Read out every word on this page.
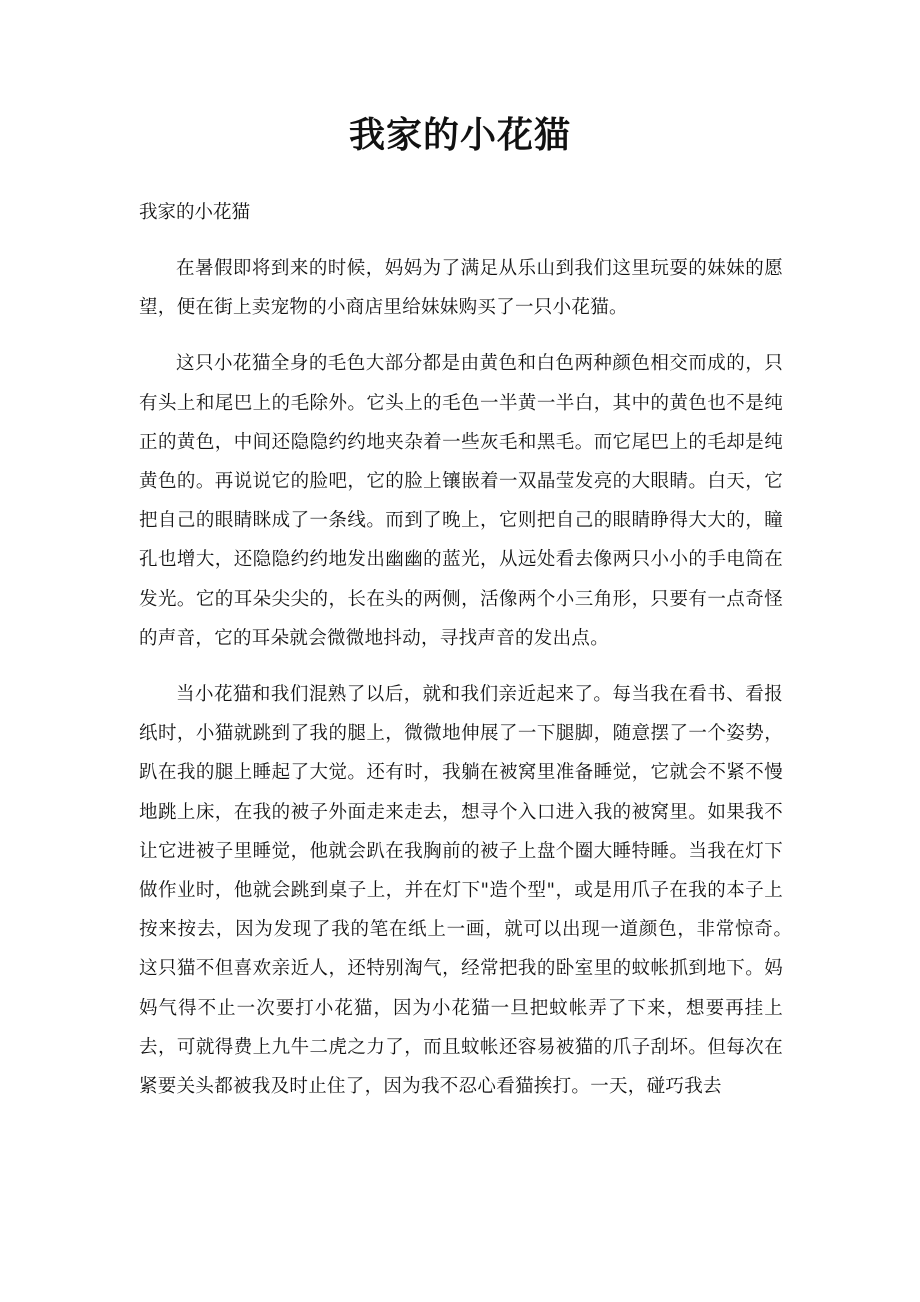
我家的小花猫

我家的小花猫

在暑假即将到来的时候，妈妈为了满足从乐山到我们这里玩耍的妹妹的愿望，便在街上卖宠物的小商店里给妹妹购买了一只小花猫。

这只小花猫全身的毛色大部分都是由黄色和白色两种颜色相交而成的，只有头上和尾巴上的毛除外。它头上的毛色一半黄一半白，其中的黄色也不是纯正的黄色，中间还隐隐约约地夹杂着一些灰毛和黑毛。而它尾巴上的毛却是纯黄色的。再说说它的脸吧，它的脸上镶嵌着一双晶莹发亮的大眼睛。白天，它把自己的眼睛眯成了一条线。而到了晚上，它则把自己的眼睛睁得大大的，瞳孔也增大，还隐隐约约地发出幽幽的蓝光，从远处看去像两只小小的手电筒在发光。它的耳朵尖尖的，长在头的两侧，活像两个小三角形，只要有一点奇怪的声音，它的耳朵就会微微地抖动，寻找声音的发出点。

当小花猫和我们混熟了以后，就和我们亲近起来了。每当我在看书、看报纸时，小猫就跳到了我的腿上，微微地伸展了一下腿脚，随意摆了一个姿势，趴在我的腿上睡起了大觉。还有时，我躺在被窝里准备睡觉，它就会不紧不慢地跳上床，在我的被子外面走来走去，想寻个入口进入我的被窝里。如果我不让它进被子里睡觉，他就会趴在我胸前的被子上盘个圈大睡特睡。当我在灯下做作业时，他就会跳到桌子上，并在灯下"造个型"，或是用爪子在我的本子上按来按去，因为发现了我的笔在纸上一画，就可以出现一道颜色，非常惊奇。　　这只猫不但喜欢亲近人，还特别淘气，经常把我的卧室里的蚊帐抓到地下。妈妈气得不止一次要打小花猫，因为小花猫一旦把蚊帐弄了下来，想要再挂上去，可就得费上九牛二虎之力了，而且蚊帐还容易被猫的爪子刮坏。但每次在紧要关头都被我及时止住了，因为我不忍心看猫挨打。一天，碰巧我去
